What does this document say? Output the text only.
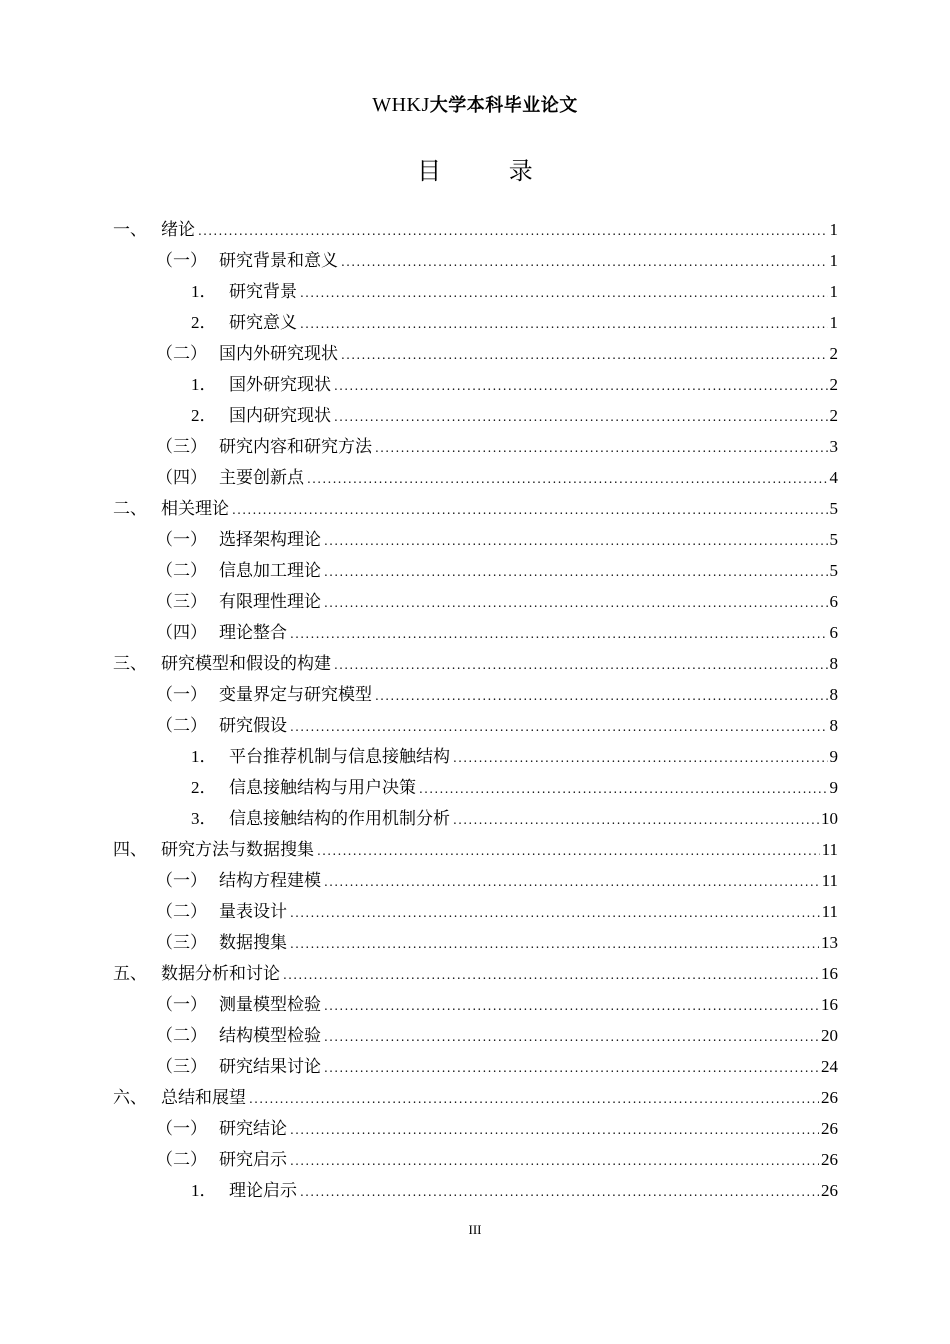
WHKJ大学本科毕业论文
目 录
一、 绪论 .....	1
（一） 研究背景和意义 .....	1
1． 研究背景 .....	1
2． 研究意义 .....	1
（二） 国内外研究现状 .....	2
1． 国外研究现状 .....	2
2． 国内研究现状 .....	2
（三） 研究内容和研究方法 .....	3
（四） 主要创新点 .....	4
二、 相关理论 .....	5
（一） 选择架构理论 .....	5
（二） 信息加工理论 .....	5
（三） 有限理性理论 .....	6
（四） 理论整合 .....	6
三、 研究模型和假设的构建 .....	8
（一） 变量界定与研究模型 .....	8
（二） 研究假设 .....	8
1． 平台推荐机制与信息接触结构 .....	9
2． 信息接触结构与用户决策 .....	9
3． 信息接触结构的作用机制分析 .....	10
四、 研究方法与数据搜集 .....	11
（一） 结构方程建模 .....	11
（二） 量表设计 .....	11
（三） 数据搜集 .....	13
五、 数据分析和讨论 .....	16
（一） 测量模型检验 .....	16
（二） 结构模型检验 .....	20
（三） 研究结果讨论 .....	24
六、 总结和展望 .....	26
（一） 研究结论 .....	26
（二） 研究启示 .....	26
1． 理论启示 .....	26
III
